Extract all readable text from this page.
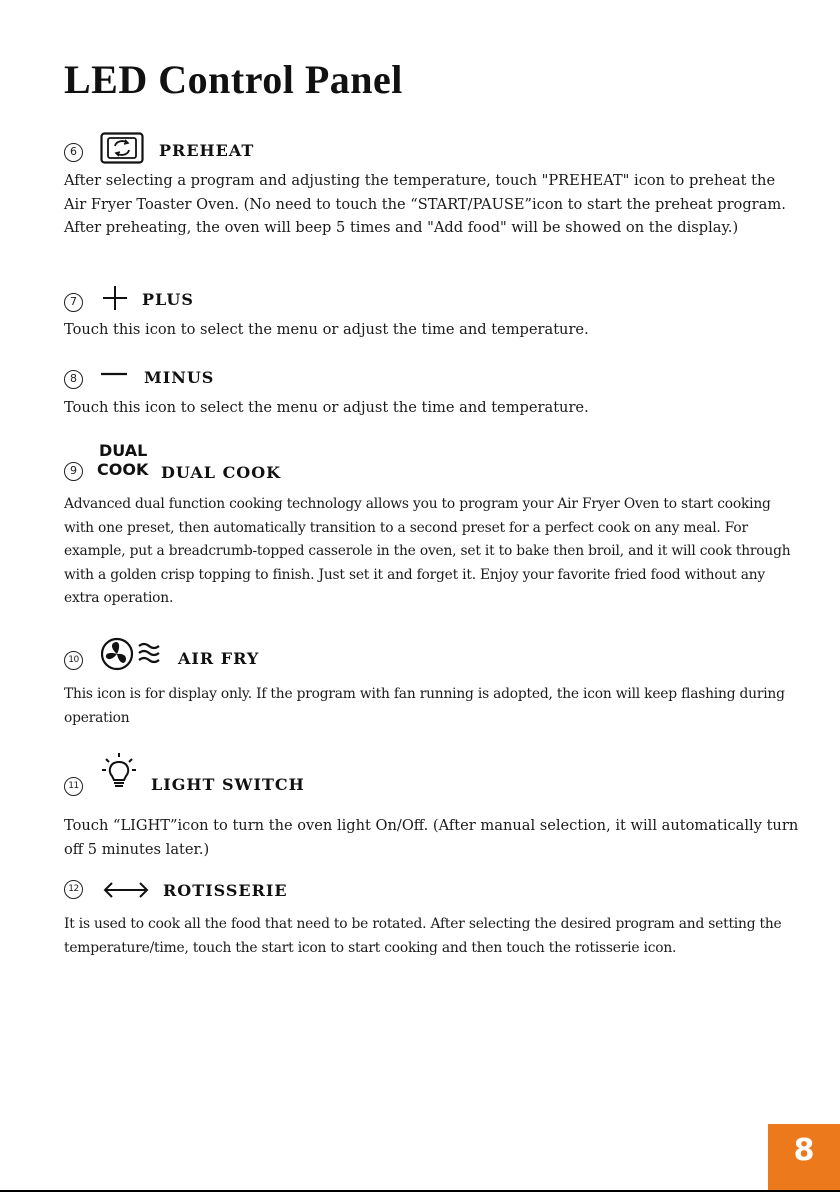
LED Control Panel
6	PREHEAT

After selecting a program and adjusting the temperature, touch "PREHEAT" icon to preheat the Air Fryer Toaster Oven. (No need to touch the “START/PAUSE”icon to start the preheat program. After preheating, the oven will beep 5 times and "Add food" will be showed on the display.)

7	PLUS

Touch this icon to select the menu or adjust the time and temperature.

8	MINUS

Touch this icon to select the menu or adjust the time and temperature.

9
DUAL
COOK DUAL COOK

Advanced dual function cooking technology allows you to program your Air Fryer Oven to start cooking with one preset, then automatically transition to a second preset for a perfect cook on any meal. For example, put a breadcrumb-topped casserole in the oven, set it to bake then broil, and it will cook through with a golden crisp topping to finish. Just set it and forget it. Enjoy your favorite fried food without any extra operation.

10	AIR FRY

This icon is for display only. If the program with fan running is adopted, the icon will keep flashing during operation

11	LIGHT SWITCH

Touch “LIGHT”icon to turn the oven light On/Off. (After manual selection, it will automatically turn off 5 minutes later.)

12	ROTISSERIE

It is used to cook all the food that need to be rotated. After selecting the desired program and setting the temperature/time, touch the start icon to start cooking and then touch the rotisserie icon.

8
